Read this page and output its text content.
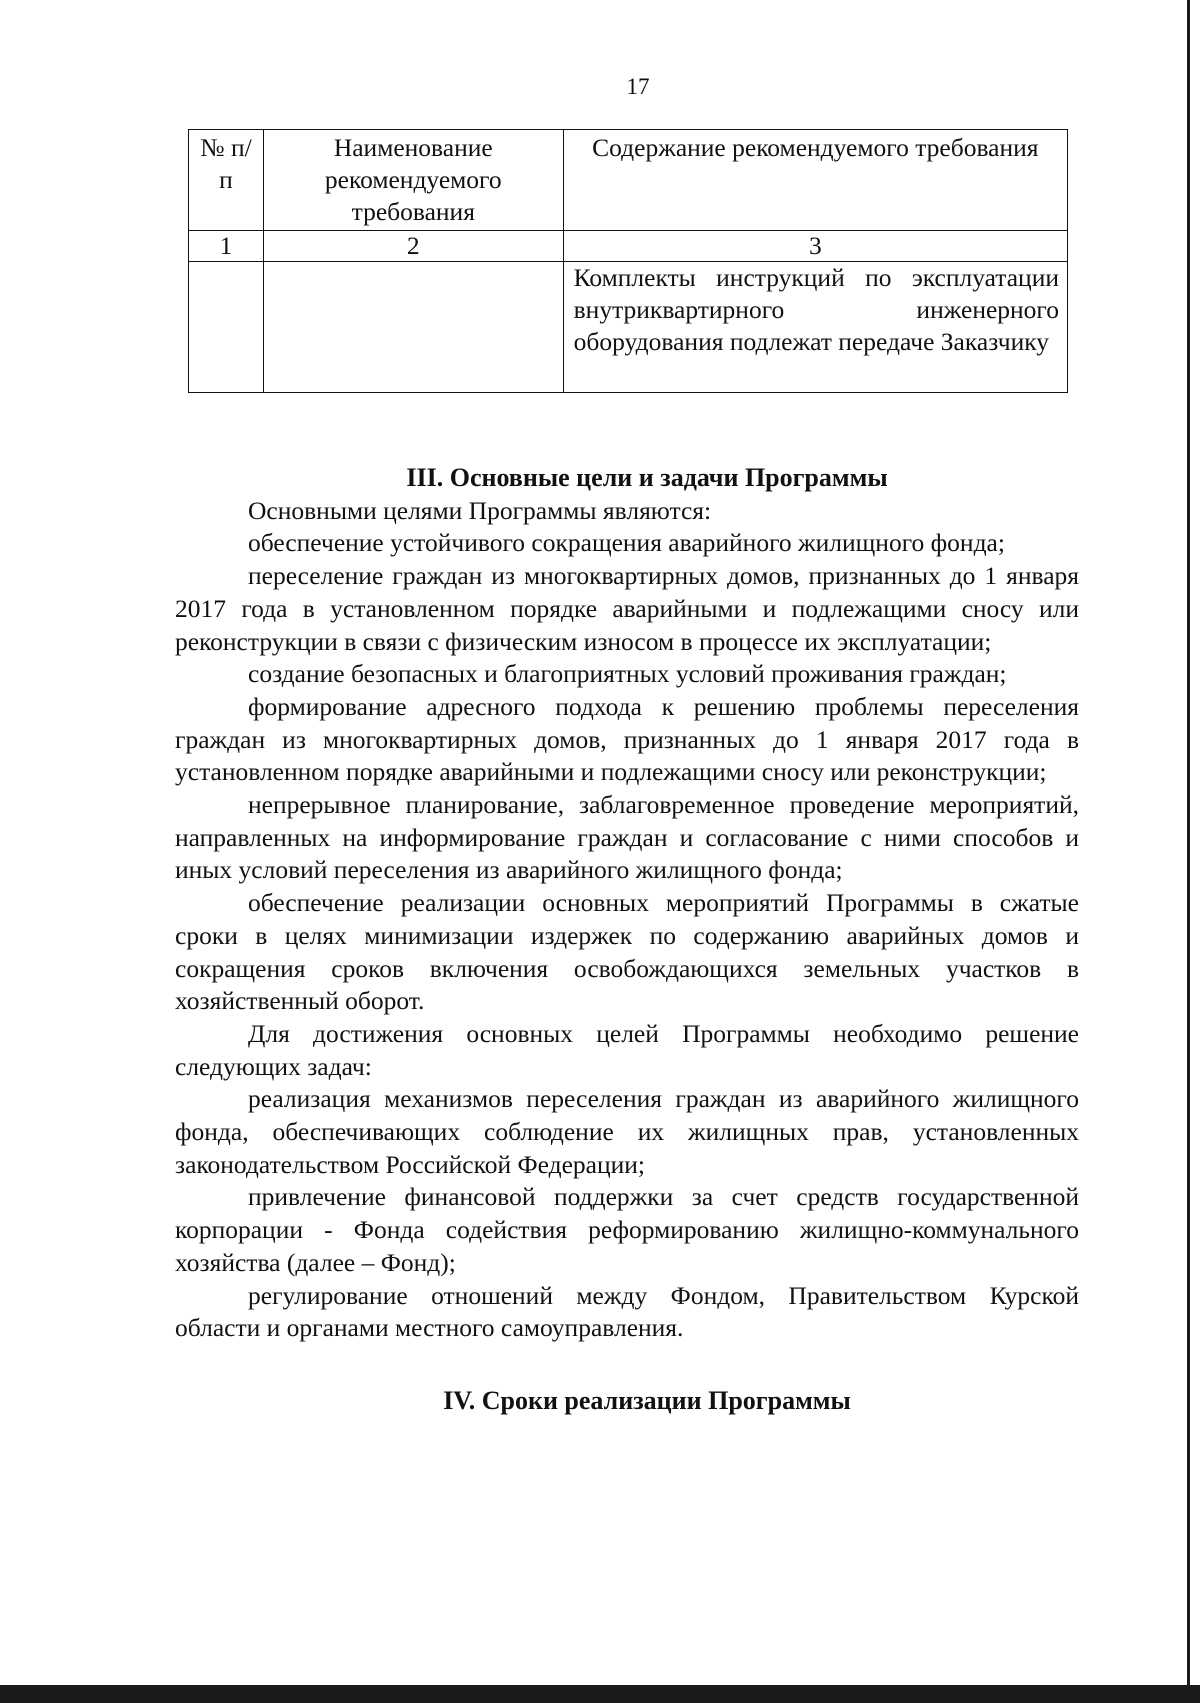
17
№ п/п	Наименование рекомендуемого требования	Содержание рекомендуемого требования
1	2	3
		Комплекты инструкций по эксплуатации внутриквартирного инженерного оборудования подлежат передаче Заказчику
III. Основные цели и задачи Программы

Основными целями Программы являются:

обеспечение устойчивого сокращения аварийного жилищного фонда;

переселение граждан из многоквартирных домов, признанных до 1 января 2017 года в установленном порядке аварийными и подлежащими сносу или реконструкции в связи с физическим износом в процессе их эксплуатации;

создание безопасных и благоприятных условий проживания граждан;

формирование адресного подхода к решению проблемы переселения граждан из многоквартирных домов, признанных до 1 января 2017 года в установленном порядке аварийными и подлежащими сносу или реконструкции;

непрерывное планирование, заблаговременное проведение мероприятий, направленных на информирование граждан и согласование с ними способов и иных условий переселения из аварийного жилищного фонда;

обеспечение реализации основных мероприятий Программы в сжатые сроки в целях минимизации издержек по содержанию аварийных домов и сокращения сроков включения освобождающихся земельных участков в хозяйственный оборот.

Для достижения основных целей Программы необходимо решение следующих задач:

реализация механизмов переселения граждан из аварийного жилищного фонда, обеспечивающих соблюдение их жилищных прав, установленных законодательством Российской Федерации;

привлечение финансовой поддержки за счет средств государственной корпорации - Фонда содействия реформированию жилищно-коммунального хозяйства (далее – Фонд);

регулирование отношений между Фондом, Правительством Курской области и органами местного самоуправления.

IV. Сроки реализации Программы
